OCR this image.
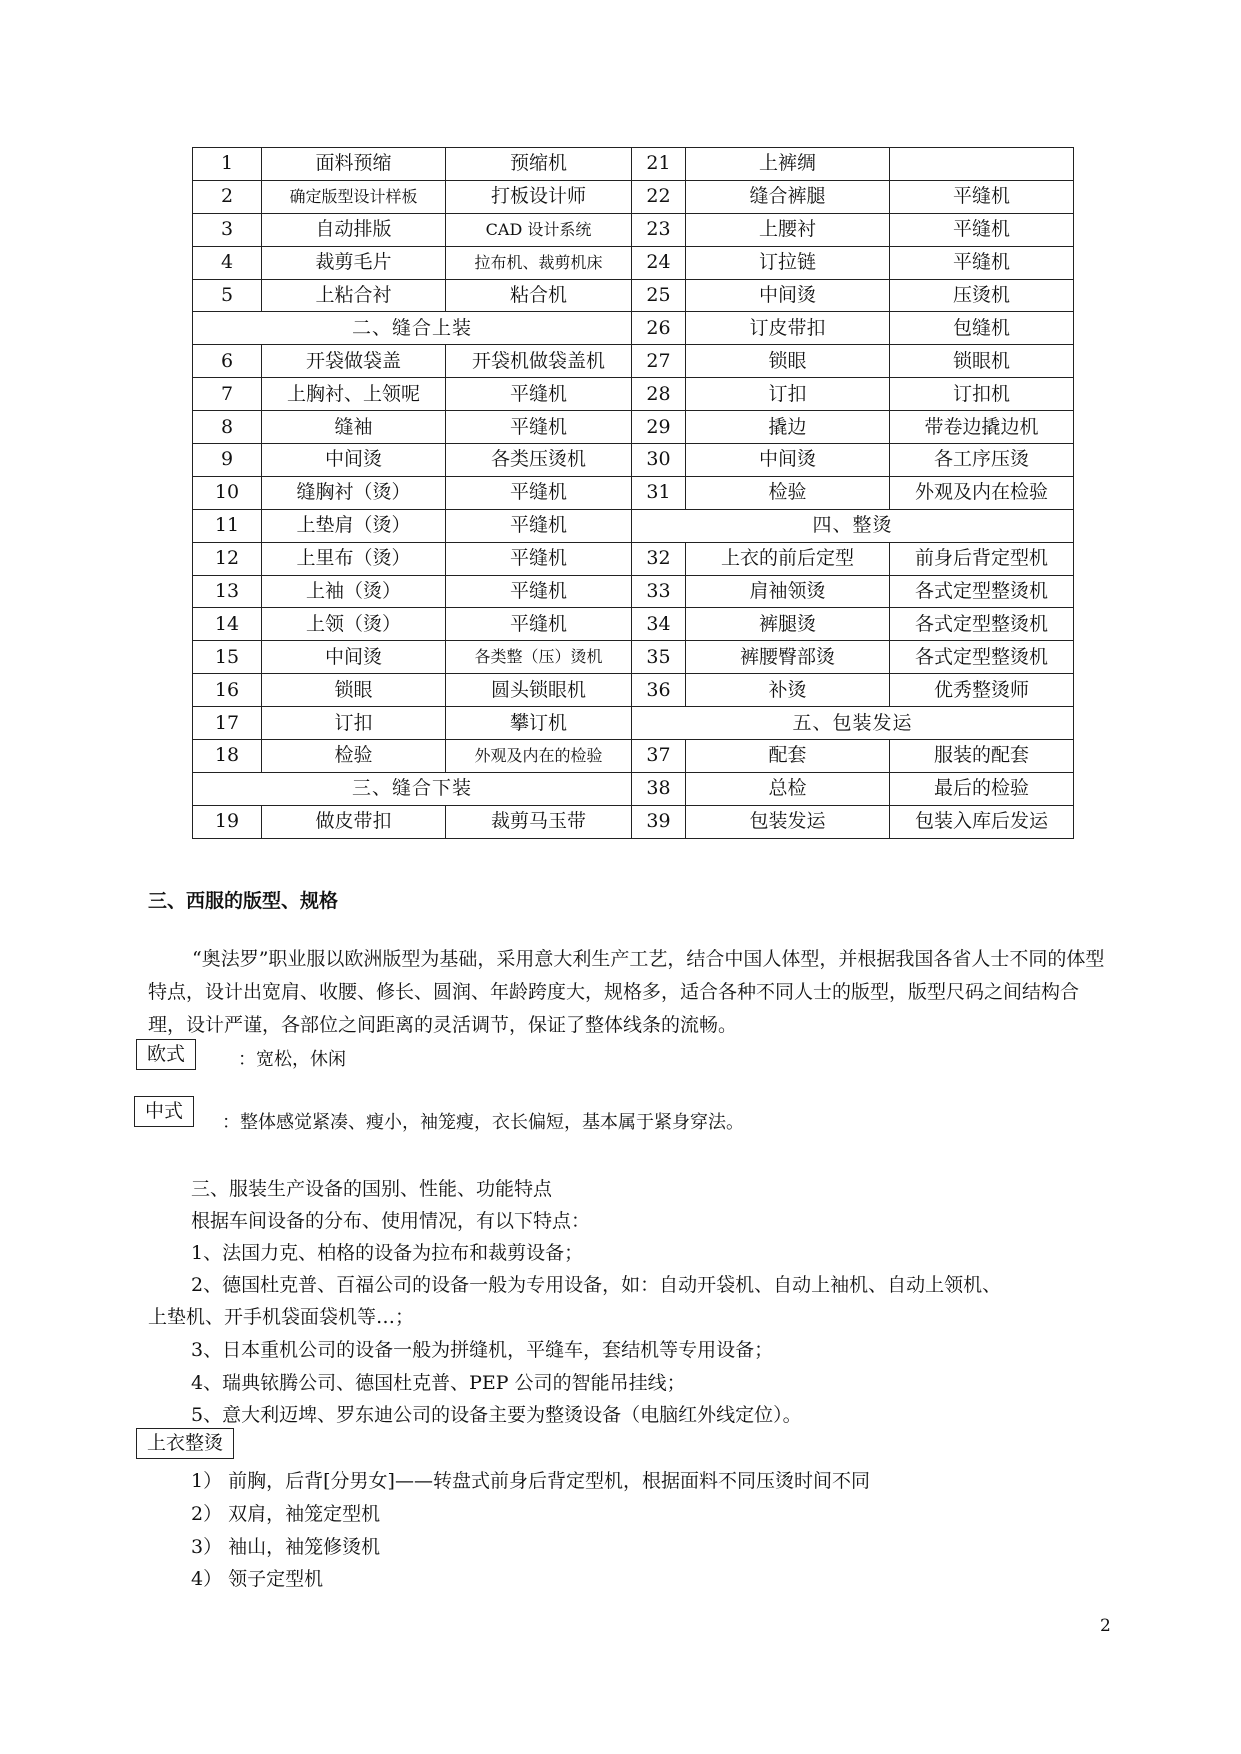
1	面料预缩	预缩机	21	上裤绸	
2	确定版型设计样板	打板设计师	22	缝合裤腿	平缝机
3	自动排版	CAD 设计系统	23	上腰衬	平缝机
4	裁剪毛片	拉布机、裁剪机床	24	订拉链	平缝机
5	上粘合衬	粘合机	25	中间烫	压烫机
二、缝合上装			26	订皮带扣	包缝机
6	开袋做袋盖	开袋机做袋盖机	27	锁眼	锁眼机
7	上胸衬、上领呢	平缝机	28	订扣	订扣机
8	缝袖	平缝机	29	撬边	带卷边撬边机
9	中间烫	各类压烫机	30	中间烫	各工序压烫
10	缝胸衬（烫）	平缝机	31	检验	外观及内在检验
11	上垫肩（烫）	平缝机	四、整烫		
12	上里布（烫）	平缝机	32	上衣的前后定型	前身后背定型机
13	上袖（烫）	平缝机	33	肩袖领烫	各式定型整烫机
14	上领（烫）	平缝机	34	裤腿烫	各式定型整烫机
15	中间烫	各类整（压）烫机	35	裤腰臀部烫	各式定型整烫机
16	锁眼	圆头锁眼机	36	补烫	优秀整烫师
17	订扣	攀订机	五、包装发运		
18	检验	外观及内在的检验	37	配套	服装的配套
三、缝合下装			38	总检	最后的检验
19	做皮带扣	裁剪马玉带	39	包装发运	包装入库后发运
三、西服的版型、规格

“奥法罗”职业服以欧洲版型为基础，采用意大利生产工艺，结合中国人体型，并根据我国各省人士不同的体型特点，设计出宽肩、收腰、修长、圆润、年龄跨度大，规格多，适合各种不同人士的版型，版型尺码之间结构合理，设计严谨，各部位之间距离的灵活调节，保证了整体线条的流畅。

欧式	：宽松，休闲
中式
：整体感觉紧凑、瘦小，袖笼瘦，衣长偏短，基本属于紧身穿法。
三、服装生产设备的国别、性能、功能特点
根据车间设备的分布、使用情况，有以下特点：
1、法国力克、柏格的设备为拉布和裁剪设备；
2、德国杜克普、百福公司的设备一般为专用设备，如：自动开袋机、自动上袖机、自动上领机、
上垫机、开手机袋面袋机等…；
3、日本重机公司的设备一般为拼缝机，平缝车，套结机等专用设备；
4、瑞典铱腾公司、德国杜克普、PEP 公司的智能吊挂线；
5、意大利迈埤、罗东迪公司的设备主要为整烫设备（电脑红外线定位）。
上衣整烫
1） 前胸，后背[分男女]——转盘式前身后背定型机，根据面料不同压烫时间不同
2） 双肩，袖笼定型机
3） 袖山，袖笼修烫机
4） 领子定型机
2
